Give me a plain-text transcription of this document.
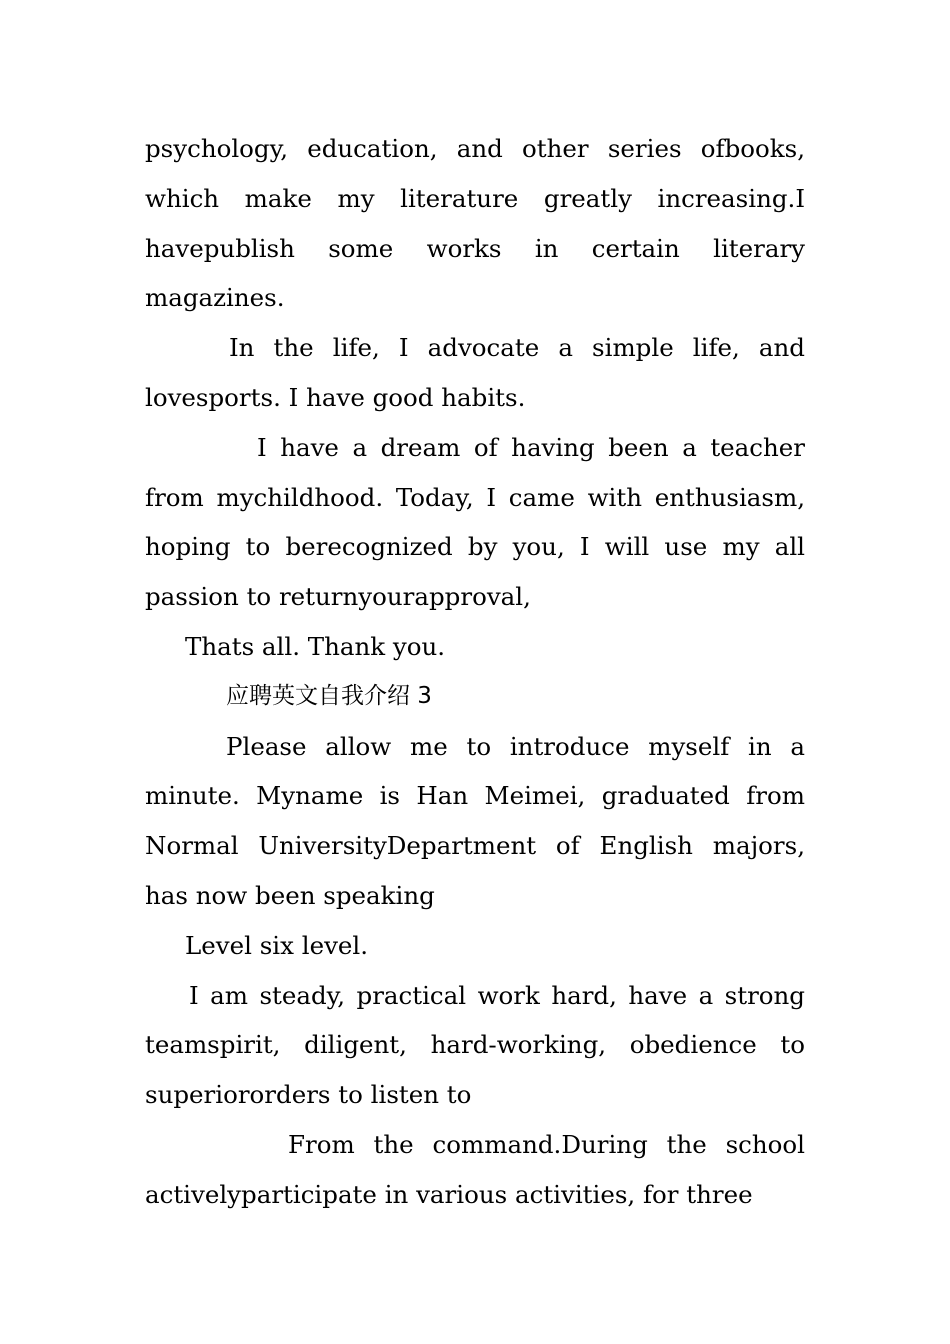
psychology, education, and other series ofbooks, which make my literature greatly increasing.I havepublish some works in certain literary magazines.

In the life, I advocate a simple life, and lovesports. I have good habits.

I have a dream of having been a teacher from mychildhood. Today, I came with enthusiasm, hoping to berecognized by you, I will use my all passion to returnyourapproval,

Thats all. Thank you.

应聘英文自我介绍 3

Please allow me to introduce myself in a minute. Myname is Han Meimei, graduated from Normal UniversityDepartment of English majors, has now been speaking

Level six level.

I am steady, practical work hard, have a strong teamspirit, diligent, hard-working, obedience to superiororders to listen to

From the command.During the school activelyparticipate in various activities, for three
